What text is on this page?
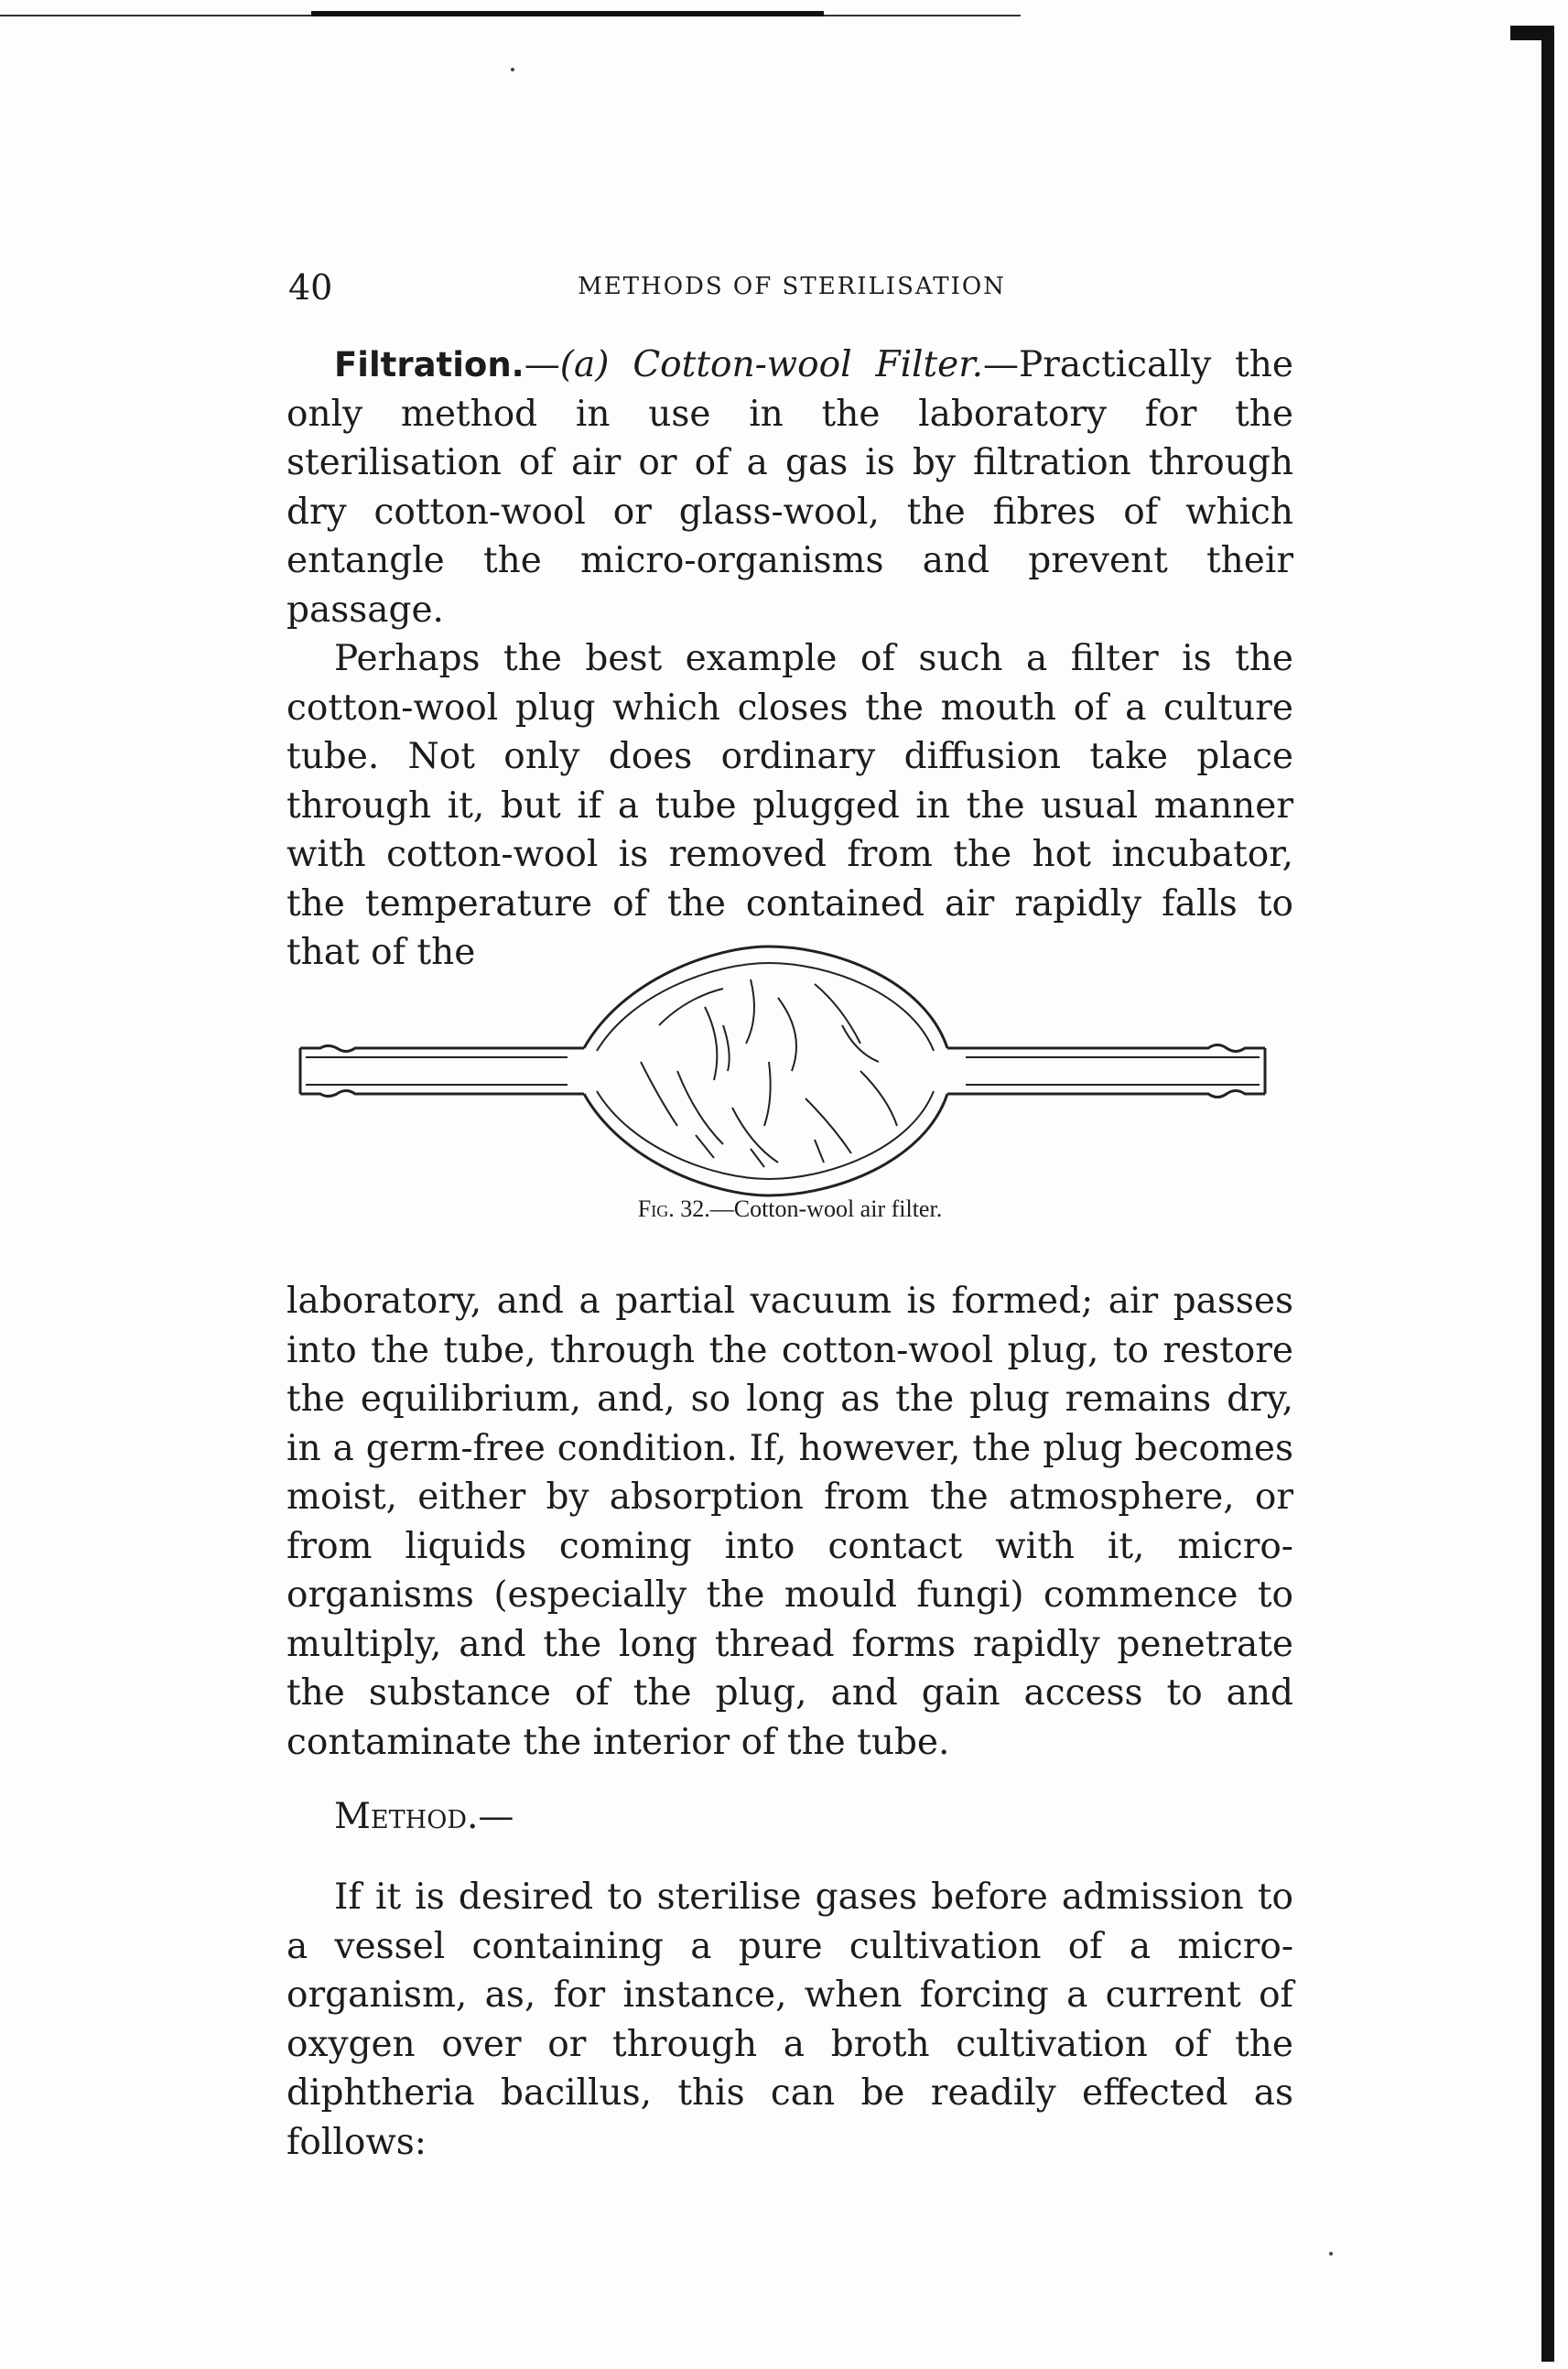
40	METHODS OF STERILISATION

Filtration.—(a) Cotton-wool Filter.—Practically the only method in use in the laboratory for the sterilisation of air or of a gas is by filtration through dry cotton-wool or glass-wool, the fibres of which entangle the micro-organisms and prevent their passage.

Perhaps the best example of such a filter is the cotton-wool plug which closes the mouth of a culture tube. Not only does ordinary diffusion take place through it, but if a tube plugged in the usual manner with cotton-wool is removed from the hot incubator, the temperature of the contained air rapidly falls to that of the

Fig. 32.—Cotton-wool air filter.

laboratory, and a partial vacuum is formed; air passes into the tube, through the cotton-wool plug, to restore the equilibrium, and, so long as the plug remains dry, in a germ-free condition. If, however, the plug becomes moist, either by absorption from the atmosphere, or from liquids coming into contact with it, micro-organisms (especially the mould fungi) commence to multiply, and the long thread forms rapidly penetrate the substance of the plug, and gain access to and contaminate the interior of the tube.

Method.—

If it is desired to sterilise gases before admission to a vessel containing a pure cultivation of a micro-organism, as, for instance, when forcing a current of oxygen over or through a broth cultivation of the diphtheria bacillus, this can be readily effected as follows:
